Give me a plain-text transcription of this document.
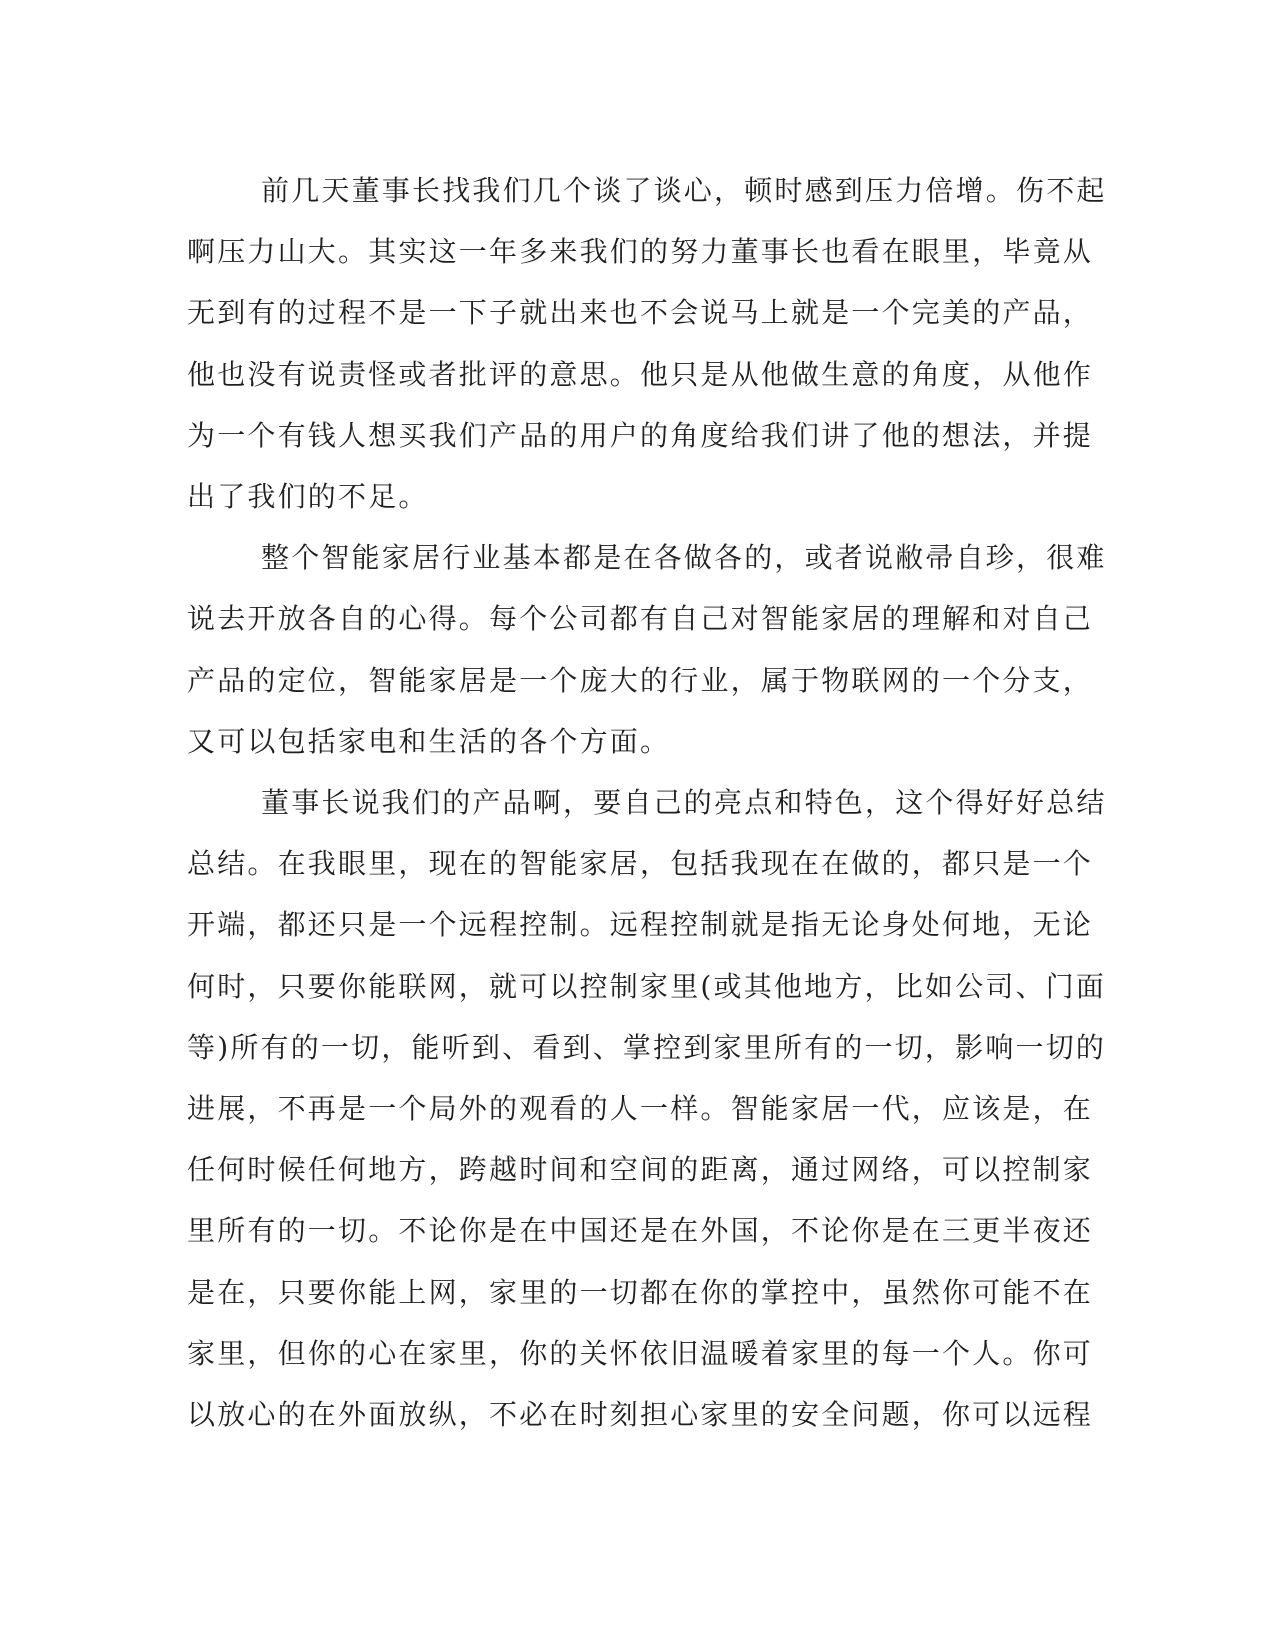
前几天董事长找我们几个谈了谈心，顿时感到压力倍增。伤不起
啊压力山大。其实这一年多来我们的努力董事长也看在眼里，毕竟从
无到有的过程不是一下子就出来也不会说马上就是一个完美的产品，
他也没有说责怪或者批评的意思。他只是从他做生意的角度，从他作
为一个有钱人想买我们产品的用户的角度给我们讲了他的想法，并提
出了我们的不足。

整个智能家居行业基本都是在各做各的，或者说敝帚自珍，很难
说去开放各自的心得。每个公司都有自己对智能家居的理解和对自己
产品的定位，智能家居是一个庞大的行业，属于物联网的一个分支，
又可以包括家电和生活的各个方面。

董事长说我们的产品啊，要自己的亮点和特色，这个得好好总结
总结。在我眼里，现在的智能家居，包括我现在在做的，都只是一个
开端，都还只是一个远程控制。远程控制就是指无论身处何地，无论
何时，只要你能联网，就可以控制家里(或其他地方，比如公司、门面
等)所有的一切，能听到、看到、掌控到家里所有的一切，影响一切的
进展，不再是一个局外的观看的人一样。智能家居一代，应该是，在
任何时候任何地方，跨越时间和空间的距离，通过网络，可以控制家
里所有的一切。不论你是在中国还是在外国，不论你是在三更半夜还
是在，只要你能上网，家里的一切都在你的掌控中，虽然你可能不在
家里，但你的心在家里，你的关怀依旧温暖着家里的每一个人。你可
以放心的在外面放纵，不必在时刻担心家里的安全问题，你可以远程
